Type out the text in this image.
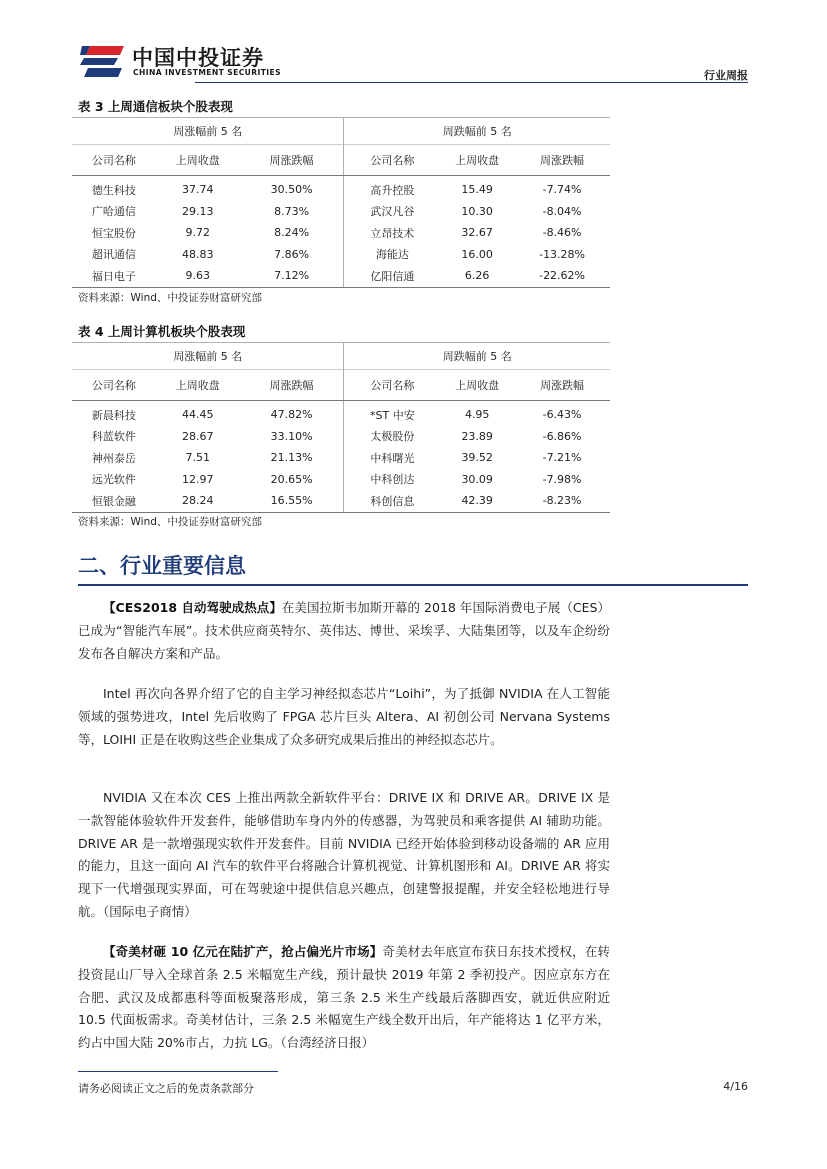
中国中投证券
CHINA INVESTMENT SECURITIES	行业周报
表 3 上周通信板块个股表现
周涨幅前 5 名			周跌幅前 5 名		
公司名称	上周收盘	周涨跌幅	公司名称	上周收盘	周涨跌幅
德生科技	37.74	30.50%	高升控股	15.49	-7.74%
广哈通信	29.13	8.73%	武汉凡谷	10.30	-8.04%
恒宝股份	9.72	8.24%	立昂技术	32.67	-8.46%
超讯通信	48.83	7.86%	海能达	16.00	-13.28%
福日电子	9.63	7.12%	亿阳信通	6.26	-22.62%
资料来源：Wind、中投证券财富研究部
表 4 上周计算机板块个股表现
周涨幅前 5 名			周跌幅前 5 名		
公司名称	上周收盘	周涨跌幅	公司名称	上周收盘	周涨跌幅
新晨科技	44.45	47.82%	*ST 中安	4.95	-6.43%
科蓝软件	28.67	33.10%	太极股份	23.89	-6.86%
神州泰岳	7.51	21.13%	中科曙光	39.52	-7.21%
远光软件	12.97	20.65%	中科创达	30.09	-7.98%
恒银金融	28.24	16.55%	科创信息	42.39	-8.23%
资料来源：Wind、中投证券财富研究部
二、行业重要信息

【CES2018 自动驾驶成热点】在美国拉斯韦加斯开幕的 2018 年国际消费电子展（CES）已成为“智能汽车展”。技术供应商英特尔、英伟达、博世、采埃孚、大陆集团等，以及车企纷纷发布各自解决方案和产品。

Intel 再次向各界介绍了它的自主学习神经拟态芯片“Loihi”，为了抵御 NVIDIA 在人工智能领域的强势进攻，Intel 先后收购了 FPGA 芯片巨头 Altera、AI 初创公司 Nervana Systems 等，LOIHI 正是在收购这些企业集成了众多研究成果后推出的神经拟态芯片。

NVIDIA 又在本次 CES 上推出两款全新软件平台：DRIVE IX 和 DRIVE AR。DRIVE IX 是一款智能体验软件开发套件，能够借助车身内外的传感器，为驾驶员和乘客提供 AI 辅助功能。DRIVE AR 是一款增强现实软件开发套件。目前 NVIDIA 已经开始体验到移动设备端的 AR 应用的能力，且这一面向 AI 汽车的软件平台将融合计算机视觉、计算机图形和 AI。DRIVE AR 将实现下一代增强现实界面，可在驾驶途中提供信息兴趣点，创建警报提醒，并安全轻松地进行导航。（国际电子商情）

【奇美材砸 10 亿元在陆扩产，抢占偏光片市场】奇美材去年底宣布获日东技术授权，在转投资昆山厂导入全球首条 2.5 米幅宽生产线，预计最快 2019 年第 2 季初投产。因应京东方在合肥、武汉及成都惠科等面板聚落形成，第三条 2.5 米生产线最后落脚西安，就近供应附近 10.5 代面板需求。奇美材估计，三条 2.5 米幅宽生产线全数开出后，年产能将达 1 亿平方米，约占中国大陆 20%市占，力抗 LG。（台湾经济日报）

请务必阅读正文之后的免责条款部分	4/16
